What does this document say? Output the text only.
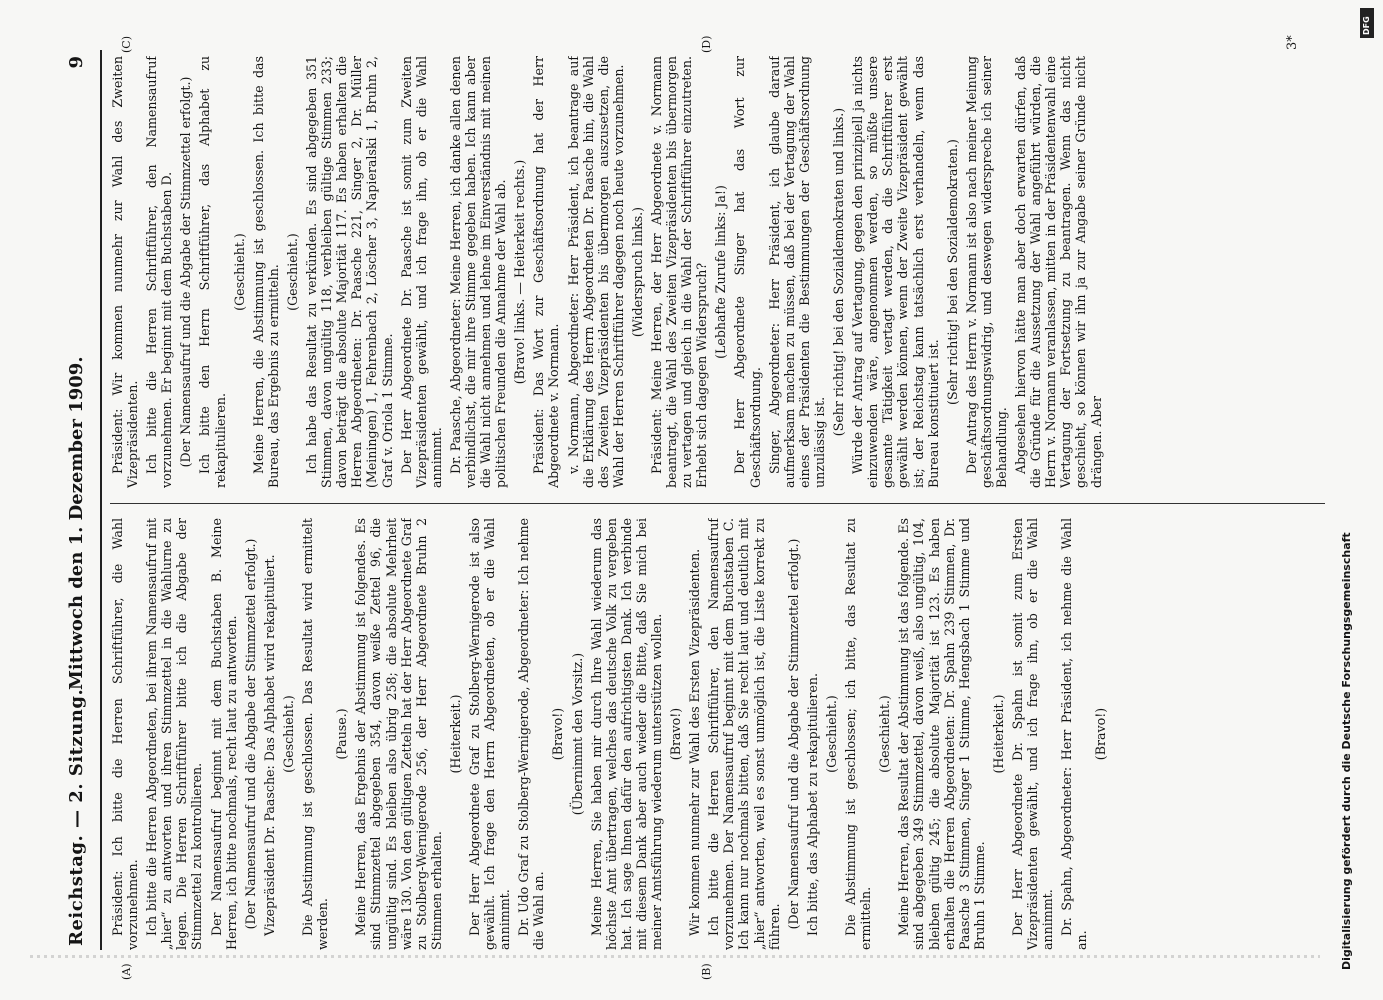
Reichstag. — 2. Sitzung.
Mittwoch den 1. Dezember 1909.
9
(A)	(B)
(C)	(D)

Präsident: Ich bitte die Herren Schriftführer, die Wahl vorzunehmen. Ich bitte die Herren Abgeordneten, bei ihrem Namensaufruf mit „hier“ zu antworten und ihren Stimmzettel in die Wahlurne zu legen. Die Herren Schriftführer bitte ich die Abgabe der Stimmzettel zu kontrollieren. Der Namensaufruf beginnt mit dem Buchstaben B. Meine Herren, ich bitte nochmals, recht laut zu antworten. (Der Namensaufruf und die Abgabe der Stimmzettel erfolgt.) Vizepräsident Dr. Paasche: Das Alphabet wird rekapituliert. (Geschieht.) Die Abstimmung ist geschlossen. Das Resultat wird ermittelt werden.

(Pause.) Meine Herren, das Ergebnis der Abstimmung ist folgendes. Es sind Stimmzettel abgegeben 354, davon weiße Zettel 96, die ungültig sind. Es bleiben also übrig 258; die absolute Mehrheit wäre 130. Von den gültigen Zetteln hat der Herr Abgeordnete Graf zu Stolberg-Wernigerode 256, der Herr Abgeordnete Bruhn 2 Stimmen erhalten.

(Heiterkeit.) Der Herr Abgeordnete Graf zu Stolberg-Wernigerode ist also gewählt. Ich frage den Herrn Abgeordneten, ob er die Wahl annimmt. Dr. Udo Graf zu Stolberg-Wernigerode, Abgeordneter: Ich nehme die Wahl an.

(Bravo!) (Übernimmt den Vorsitz.) Meine Herren, Sie haben mir durch Ihre Wahl wiederum das höchste Amt übertragen, welches das deutsche Volk zu vergeben hat. Ich sage Ihnen dafür den aufrichtigsten Dank. Ich verbinde mit diesem Dank aber auch wieder die Bitte, daß Sie mich bei meiner Amtsführung wiederum unterstützen wollen. (Bravo!) Wir kommen nunmehr zur Wahl des Ersten Vizepräsidenten. Ich bitte die Herren Schriftführer, den Namensaufruf vorzunehmen. Der Namensaufruf beginnt mit dem Buchstaben C. Ich kann nur nochmals bitten, daß Sie recht laut und deutlich mit „hier“ antworten, weil es sonst unmöglich ist, die Liste korrekt zu führen. (Der Namensaufruf und die Abgabe der Stimmzettel erfolgt.) Ich bitte, das Alphabet zu rekapitulieren. (Geschieht.) Die Abstimmung ist geschlossen; ich bitte, das Resultat zu ermitteln.

(Geschieht.) Meine Herren, das Resultat der Abstimmung ist das folgende. Es sind abgegeben 349 Stimmzettel, davon weiß, also ungültig, 104, bleiben gültig 245; die absolute Majorität ist 123. Es haben erhalten die Herren Abgeordneten: Dr. Spahn 239 Stimmen, Dr. Paasche 3 Stimmen, Singer 1 Stimme, Hengsbach 1 Stimme und Bruhn 1 Stimme.

(Heiterkeit.) Der Herr Abgeordnete Dr. Spahn ist somit zum Ersten Vizepräsidenten gewählt, und ich frage ihn, ob er die Wahl annimmt. Dr. Spahn, Abgeordneter: Herr Präsident, ich nehme die Wahl an.

(Bravo!)

Präsident: Wir kommen nunmehr zur Wahl des Zweiten Vizepräsidenten. Ich bitte die Herren Schriftführer, den Namensaufruf vorzunehmen. Er beginnt mit dem Buchstaben D. (Der Namensaufruf und die Abgabe der Stimmzettel erfolgt.) Ich bitte den Herrn Schriftführer, das Alphabet zu rekapitulieren.

(Geschieht.) Meine Herren, die Abstimmung ist geschlossen. Ich bitte das Bureau, das Ergebnis zu ermitteln. (Geschieht.) Ich habe das Resultat zu verkünden. Es sind abgegeben 351 Stimmen, davon ungültig 118, verbleiben gültige Stimmen 233; davon beträgt die absolute Majorität 117. Es haben erhalten die Herren Abgeordneten: Dr. Paasche 221, Singer 2, Dr. Müller (Meiningen) 1, Fehrenbach 2, Löscher 3, Napieralski 1, Bruhn 2, Graf v. Oriola 1 Stimme. Der Herr Abgeordnete Dr. Paasche ist somit zum Zweiten Vizepräsidenten gewählt, und ich frage ihn, ob er die Wahl annimmt. Dr. Paasche, Abgeordneter: Meine Herren, ich danke allen denen verbindlichst, die mir ihre Stimme gegeben haben. Ich kann aber die Wahl nicht annehmen und lehne im Einverständnis mit meinen politischen Freunden die Annahme der Wahl ab. (Bravo! links. — Heiterkeit rechts.) Präsident: Das Wort zur Geschäftsordnung hat der Herr Abgeordnete v. Normann. v. Normann, Abgeordneter: Herr Präsident, ich beantrage auf die Erklärung des Herrn Abgeordneten Dr. Paasche hin, die Wahl des Zweiten Vizepräsidenten bis übermorgen auszusetzen, die Wahl der Herren Schriftführer dagegen noch heute vorzunehmen. (Widerspruch links.) Präsident: Meine Herren, der Herr Abgeordnete v. Normann beantragt, die Wahl des Zweiten Vizepräsidenten bis übermorgen zu vertagen und gleich in die Wahl der Schriftführer einzutreten. Erhebt sich dagegen Widerspruch? (Lebhafte Zurufe links: Ja!) Der Herr Abgeordnete Singer hat das Wort zur Geschäftsordnung. Singer, Abgeordneter: Herr Präsident, ich glaube darauf aufmerksam machen zu müssen, daß bei der Vertagung der Wahl eines der Präsidenten die Bestimmungen der Geschäftsordnung unzulässig ist.

(Sehr richtig! bei den Sozialdemokraten und links.) Würde der Antrag auf Vertagung, gegen den prinzipiell ja nichts einzuwenden wäre, angenommen werden, so müßte unsere gesamte Tätigkeit vertagt werden, da die Schriftführer erst gewählt werden können, wenn der Zweite Vizepräsident gewählt ist; der Reichstag kann tatsächlich erst verhandeln, wenn das Bureau konstituiert ist.

(Sehr richtig! bei den Sozialdemokraten.) Der Antrag des Herrn v. Normann ist also nach meiner Meinung geschäftsordnungswidrig, und deswegen widerspreche ich seiner Behandlung. Abgesehen hiervon hätte man aber doch erwarten dürfen, daß die Gründe für die Aussetzung der Wahl angeführt würden, die Herrn v. Normann veranlassen, mitten in der Präsidentenwahl eine Vertagung der Fortsetzung zu beantragen. Wenn das nicht geschieht, so können wir ihn ja zur Angabe seiner Gründe nicht drängen. Aber

3*
DFG
Digitalisierung gefördert durch die Deutsche Forschungsgemeinschaft
